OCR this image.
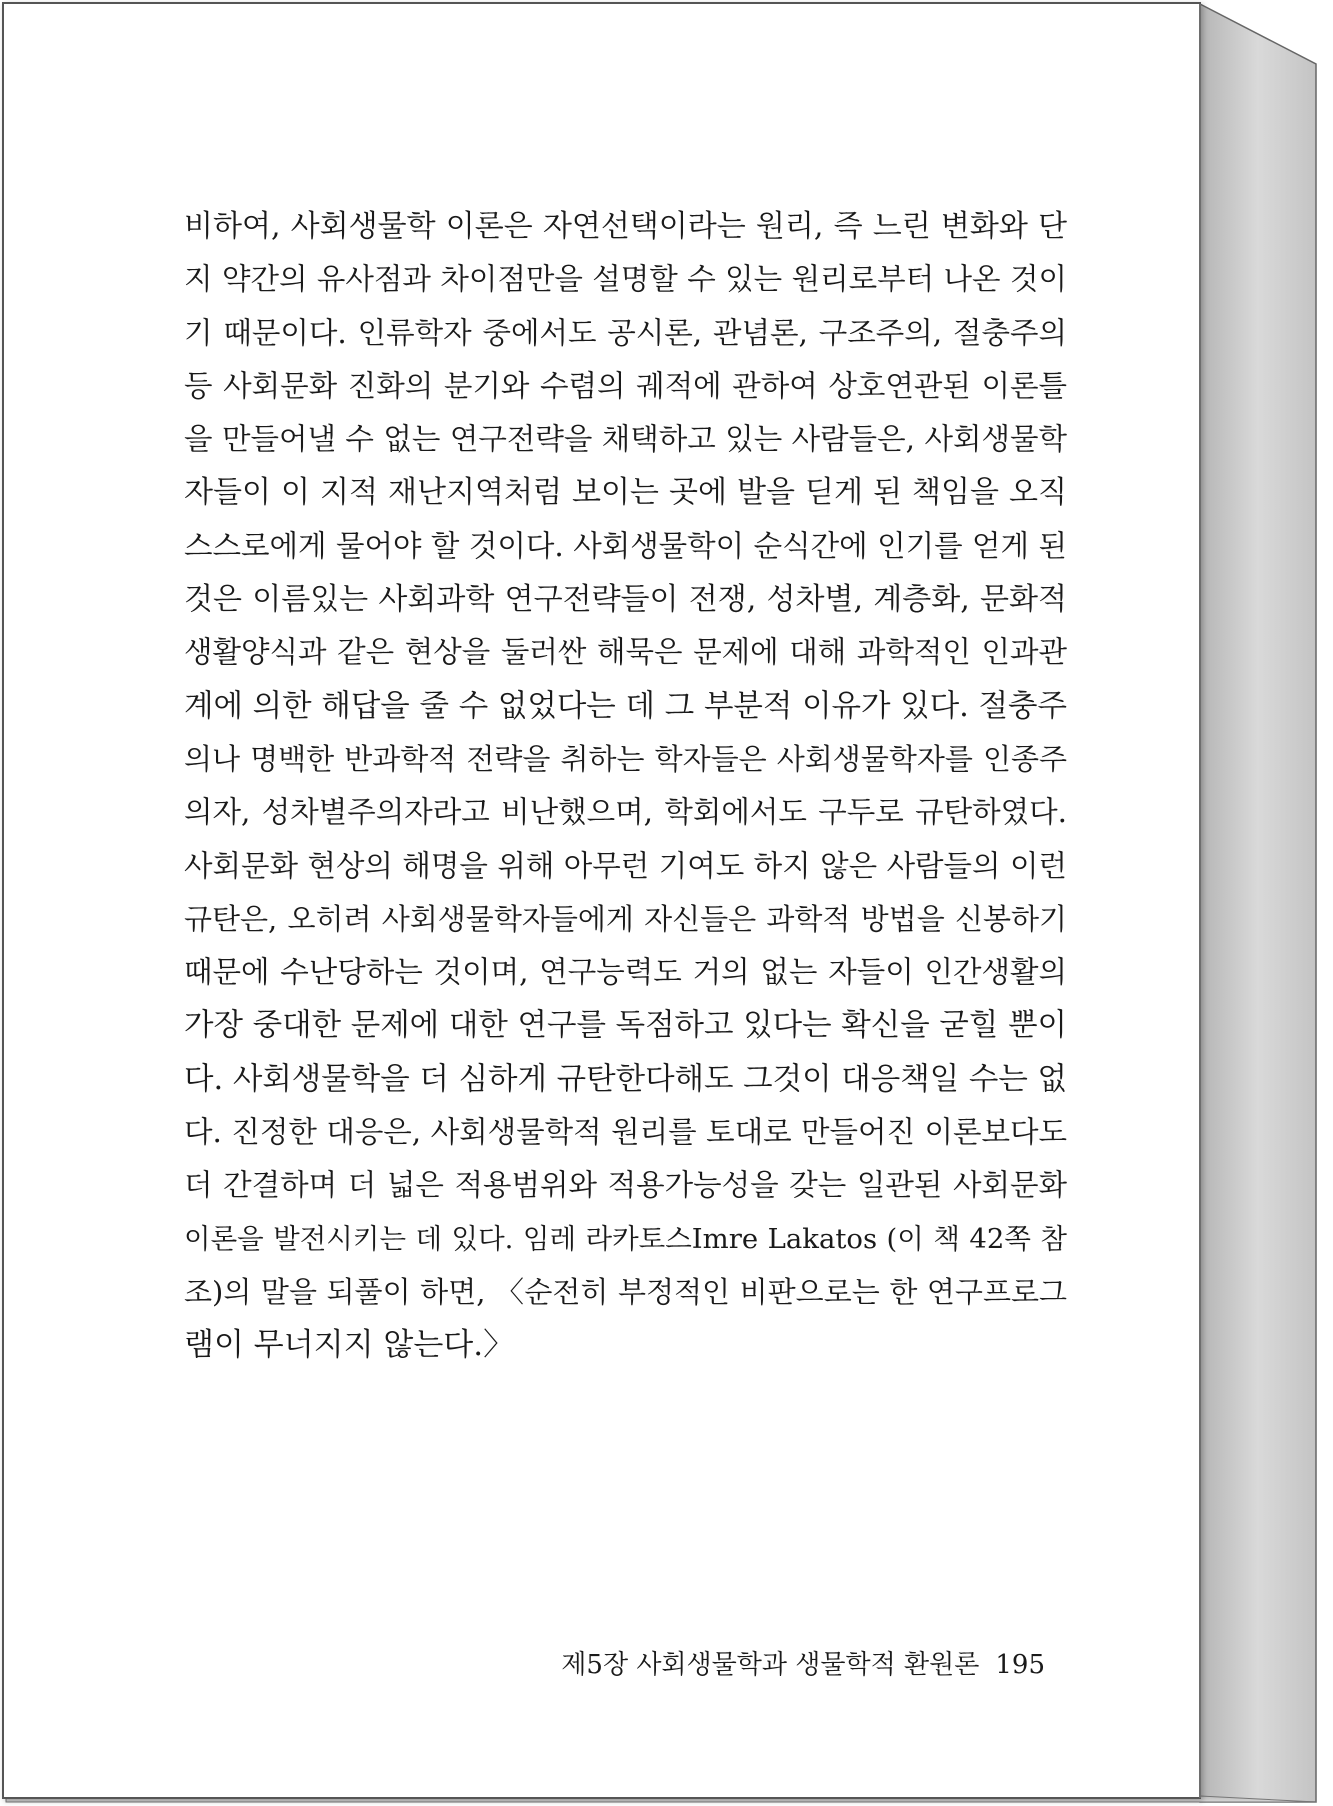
비하여, 사회생물학 이론은 자연선택이라는 원리, 즉 느린 변화와 단
지 약간의 유사점과 차이점만을 설명할 수 있는 원리로부터 나온 것이
기 때문이다. 인류학자 중에서도 공시론, 관념론, 구조주의, 절충주의
등 사회문화 진화의 분기와 수렴의 궤적에 관하여 상호연관된 이론틀
을 만들어낼 수 없는 연구전략을 채택하고 있는 사람들은, 사회생물학
자들이 이 지적 재난지역처럼 보이는 곳에 발을 딛게 된 책임을 오직
스스로에게 물어야 할 것이다. 사회생물학이 순식간에 인기를 얻게 된
것은 이름있는 사회과학 연구전략들이 전쟁, 성차별, 계층화, 문화적
생활양식과 같은 현상을 둘러싼 해묵은 문제에 대해 과학적인 인과관
계에 의한 해답을 줄 수 없었다는 데 그 부분적 이유가 있다. 절충주
의나 명백한 반과학적 전략을 취하는 학자들은 사회생물학자를 인종주
의자, 성차별주의자라고 비난했으며, 학회에서도 구두로 규탄하였다.
사회문화 현상의 해명을 위해 아무런 기여도 하지 않은 사람들의 이런
규탄은, 오히려 사회생물학자들에게 자신들은 과학적 방법을 신봉하기
때문에 수난당하는 것이며, 연구능력도 거의 없는 자들이 인간생활의
가장 중대한 문제에 대한 연구를 독점하고 있다는 확신을 굳힐 뿐이
다. 사회생물학을 더 심하게 규탄한다해도 그것이 대응책일 수는 없
다. 진정한 대응은, 사회생물학적 원리를 토대로 만들어진 이론보다도
더 간결하며 더 넓은 적용범위와 적용가능성을 갖는 일관된 사회문화
이론을 발전시키는 데 있다. 임레 라카토스Imre Lakatos (이 책 42쪽 참
조)의 말을 되풀이 하면, 〈순전히 부정적인 비판으로는 한 연구프로그
램이 무너지지 않는다.〉
제5장 사회생물학과 생물학적 환원론 195
